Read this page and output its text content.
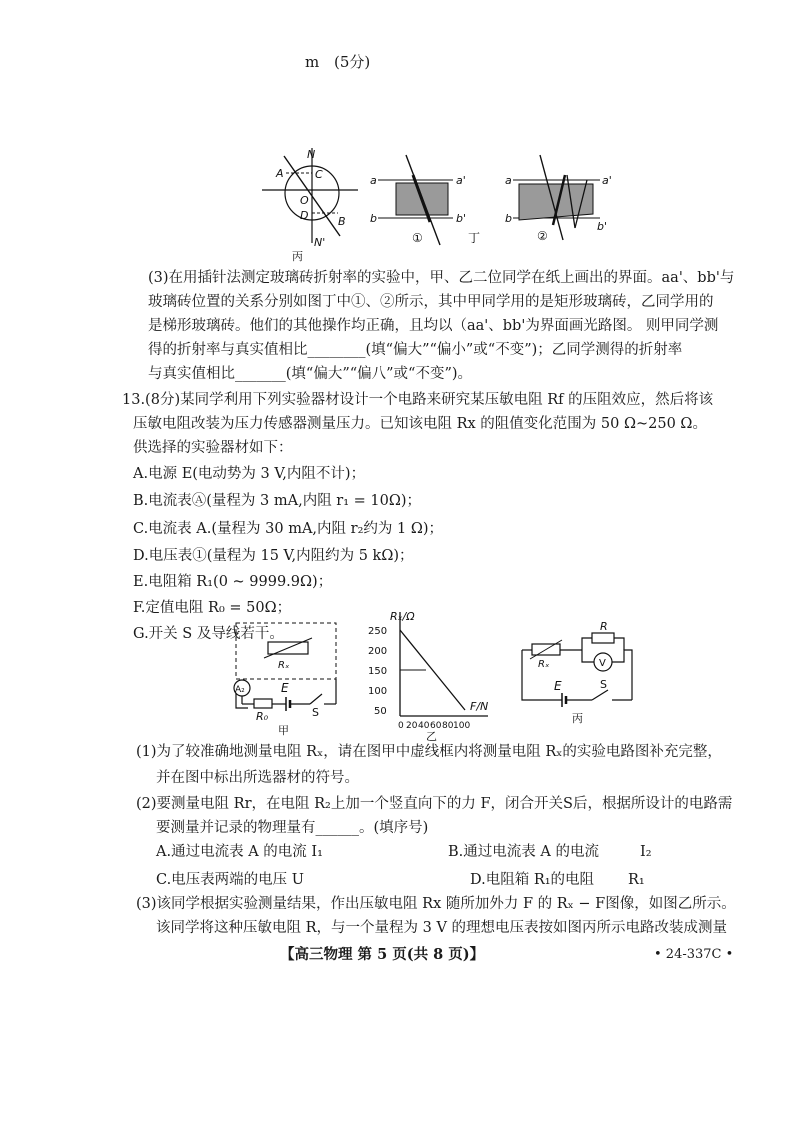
m (5分)
N
A	C
O
D	B
N'
丙
a	a'
b	b'
①	丁
a	a'
b
b'
②
(3)在用插针法测定玻璃砖折射率的实验中，甲、乙二位同学在纸上画出的界面。aa'、bb'与
玻璃砖位置的关系分别如图丁中①、②所示，其中甲同学用的是矩形玻璃砖，乙同学用的
是梯形玻璃砖。他们的其他操作均正确，且均以（aa'、bb'为界面画光路图。 则甲同学测
得的折射率与真实值相比________(填“偏大”“偏小”或“不变”)；乙同学测得的折射率
与真实值相比_______(填“偏大”“偏八”或“不变”)。
13.(8分)某同学利用下列实验器材设计一个电路来研究某压敏电阻 Rf 的压阻效应，然后将该
压敏电阻改装为压力传感器测量压力。已知该电阻 Rx 的阻值变化范围为 50 Ω~250 Ω。
供选择的实验器材如下：
A.电源 E(电动势为 3 V,内阻不计)；
B.电流表Ⓐ(量程为 3 mA,内阻 r₁ = 10Ω)；
C.电流表 A.(量程为 30 mA,内阻 r₂约为 1 Ω)；
D.电压表①(量程为 15 V,内阻约为 5 kΩ)；
E.电阻箱 R₁(0 ~ 9999.9Ω)；
F.定值电阻 R₀ = 50Ω；
G.开关 S 及导线若干。
Rₓ
A₂	E
R₀	S
甲
Rₓ/Ω
F/N
250
200
150
100
50
0 20 40 60 80 100
乙
Rₓ
R
V
E	S
丙
(1)为了较准确地测量电阻 Rₓ，请在图甲中虚线框内将测量电阻 Rₓ的实验电路图补充完整，
并在图中标出所选器材的符号。
(2)要测量电阻 Rr，在电阻 R₂上加一个竖直向下的力 F，闭合开关S后，根据所设计的电路需
要测量并记录的物理量有______。(填序号)
A.通过电流表 A 的电流 I₁	B.通过电流表 A 的电流	I₂
C.电压表两端的电压 U	D.电阻箱 R₁的电阻 R₁
(3)该同学根据实验测量结果，作出压敏电阻 Rx 随所加外力 F 的 Rₓ − F图像，如图乙所示。
该同学将这种压敏电阻 R，与一个量程为 3 V 的理想电压表按如图丙所示电路改装成测量
【高三物理 第 5 页(共 8 页)】	• 24-337C •
